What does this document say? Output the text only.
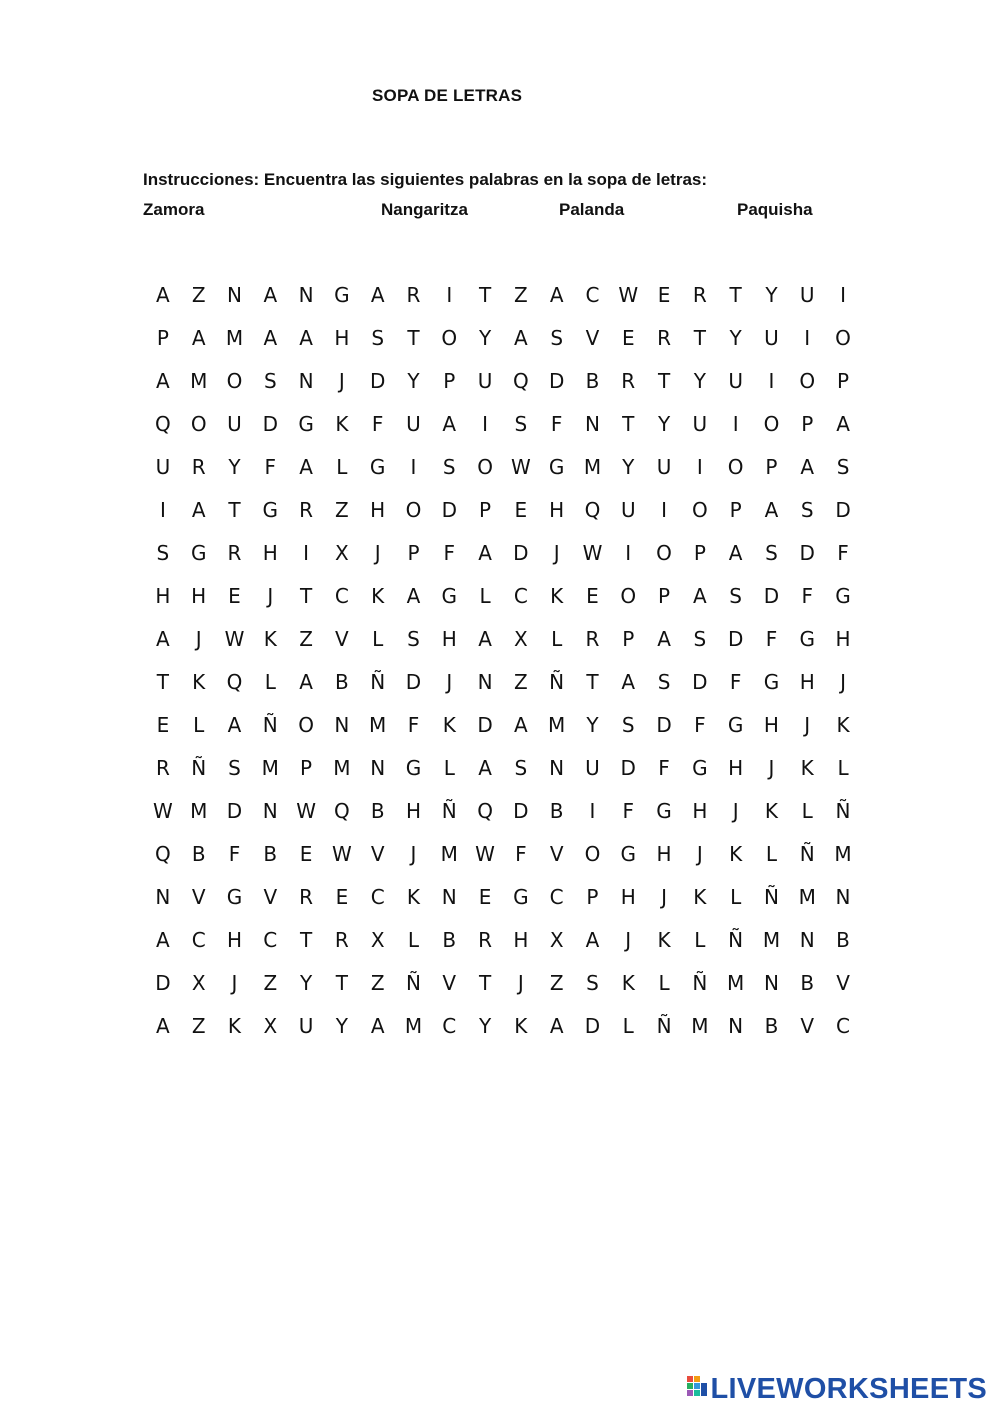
SOPA DE LETRAS
Instrucciones: Encuentra las siguientes palabras en la sopa de letras:
Zamora	Nangaritza	Palanda	Paquisha
A	Z	N	A	N	G	A	R	I	T	Z	A	C W E	R	T	Y	U	I
P	A	M	A	A	H	S	T	O	Y	A	S	V	E	R	T	Y	U	I	O
A	M O	S	N	J	D	Y	P	U	Q	D	B	R	T	Y	U	I	O	P
Q	O	U	D	G	K	F	U	A	I	S	F	N	T	Y	U	I	O	P	A
U	R	Y	F	A	L	G	I	S	O W G M	Y	U	I	O	P	A	S
I	A	T	G	R	Z	H	O	D	P	E	H	Q	U	I	O	P	A	S	D
S	G	R	H	I	X	J	P	F	A	D	J	W	I	O	P	A	S	D	F
H	H	E	J	T	C	K	A	G	L	C	K	E	O	P	A	S	D	F	G
A	J	W K	Z	V	L	S	H	A	X	L	R	P	A	S	D	F	G	H
T	K	Q	L	A	B	Ñ	D	J	N	Z	Ñ	T	A	S	D	F	G	H	J
E	L	A	Ñ	O	N M	F	K	D	A	M	Y	S	D	F	G	H	J	K
R	Ñ	S	M	P	M N	G	L	A	S	N	U	D	F	G	H	J	K	L
W M D	N W Q	B	H	Ñ	Q	D	B	I	F	G	H	J	K	L	Ñ
Q	B	F	B	E W V	J	M W	F	V	O	G	H	J	K	L	Ñ M
N	V	G	V	R	E	C	K	N	E	G	C	P	H	J	K	L	Ñ M N
A	C	H	C	T	R	X	L	B	R	H	X	A	J	K	L	Ñ M N	B
D	X	J	Z	Y	T	Z	Ñ	V	T	J	Z	S	K	L	Ñ M N	B	V
A	Z	K	X	U	Y	A	M	C	Y	K	A	D	L	Ñ M N	B	V	C
LIVEWORKSHEETS
